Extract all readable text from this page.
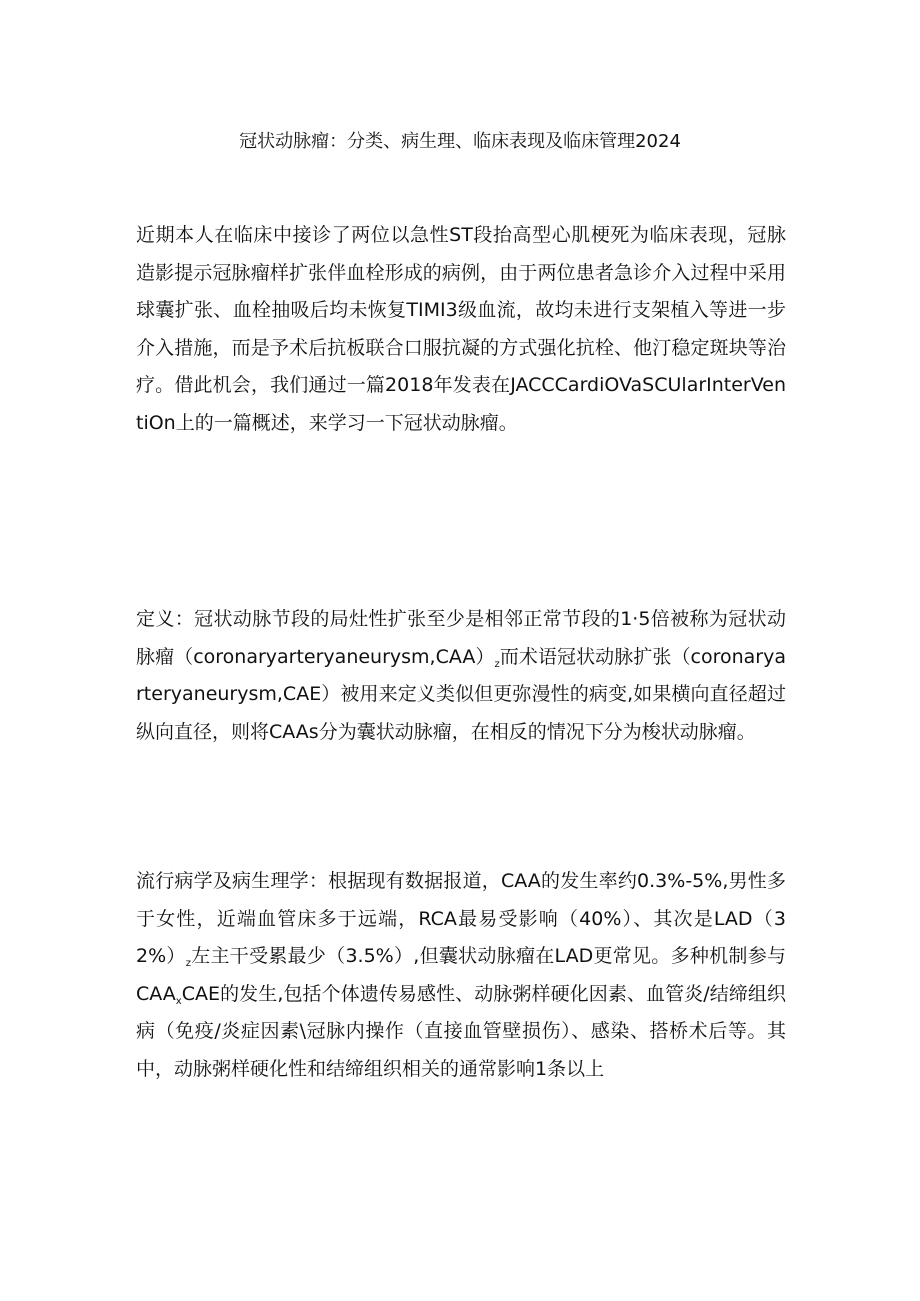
冠状动脉瘤：分类、病生理、临床表现及临床管理2024

近期本人在临床中接诊了两位以急性ST段抬高型心肌梗死为临床表现，冠脉造影提示冠脉瘤样扩张伴血栓形成的病例，由于两位患者急诊介入过程中采用球囊扩张、血栓抽吸后均未恢复TIMI3级血流，故均未进行支架植入等进一步介入措施，而是予术后抗板联合口服抗凝的方式强化抗栓、他汀稳定斑块等治疗。借此机会，我们通过一篇2018年发表在JACCCardiOVaSCUlarInterVentiOn上的一篇概述，来学习一下冠状动脉瘤。

定义：冠状动脉节段的局灶性扩张至少是相邻正常节段的1·5倍被称为冠状动脉瘤$(coronaryarteryaneurysm,CAA)_z$而术语冠状动脉扩张（coronaryarteryaneurysm,CAE）被用来定义类似但更弥漫性的病变,如果横向直径超过纵向直径，则将CAAs分为囊状动脉瘤，在相反的情况下分为梭状动脉瘤。

流行病学及病生理学：根据现有数据报道，CAA的发生率约0.3%-5%,男性多于女性，近端血管床多于远端，RCA最易受影响（40%）、其次是$LAD(32\%)_z$左主干受累最少（3.5%）,但囊状动脉瘤在LAD更常见。多种机制参与$CAA_xCAE$的发生,包括个体遗传易感性、动脉粥样硬化因素、血管炎/结缔组织病（免疫/炎症因素\冠脉内操作（直接血管壁损伤）、感染、搭桥术后等。其中，动脉粥样硬化性和结缔组织相关的通常影响1条以上
